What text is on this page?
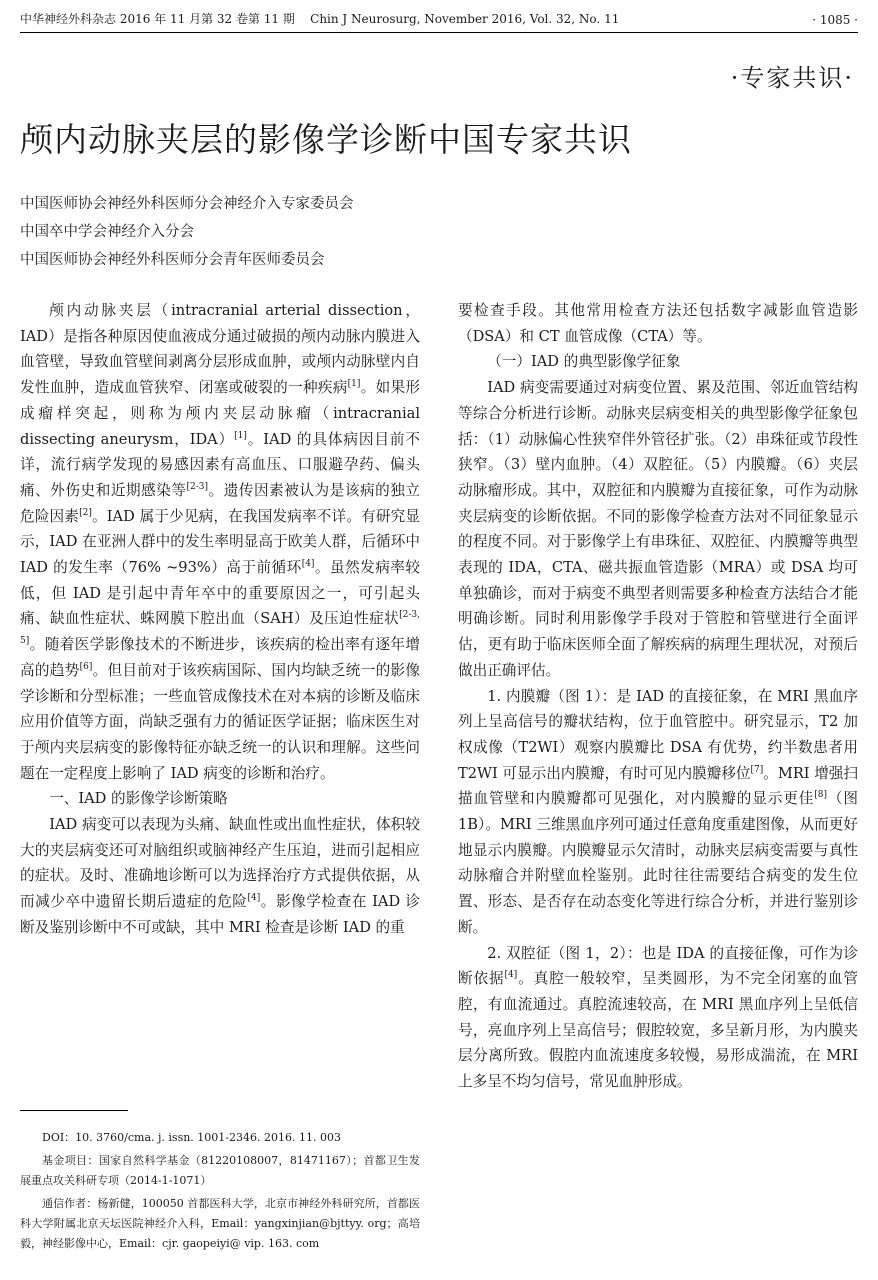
中华神经外科杂志 2016 年 11 月第 32 卷第 11 期 Chin J Neurosurg, November 2016, Vol. 32, No. 11	· 1085 ·
·专家共识·
颅内动脉夹层的影像学诊断中国专家共识
中国医师协会神经外科医师分会神经介入专家委员会
中国卒中学会神经介入分会
中国医师协会神经外科医师分会青年医师委员会

颅内动脉夹层（intracranial arterial dissection，IAD）是指各种原因使血液成分通过破损的颅内动脉内膜进入血管壁，导致血管壁间剥离分层形成血肿，或颅内动脉壁内自发性血肿，造成血管狭窄、闭塞或破裂的一种疾病[1]。如果形成瘤样突起，则称为颅内夹层动脉瘤（intracranial dissecting aneurysm，IDA）[1]。IAD 的具体病因目前不详，流行病学发现的易感因素有高血压、口服避孕药、偏头痛、外伤史和近期感染等[2-3]。遗传因素被认为是该病的独立危险因素[2]。IAD 属于少见病，在我国发病率不详。有研究显示，IAD 在亚洲人群中的发生率明显高于欧美人群，后循环中 IAD 的发生率（76% ~93%）高于前循环[4]。虽然发病率较低，但 IAD 是引起中青年卒中的重要原因之一，可引起头痛、缺血性症状、蛛网膜下腔出血（SAH）及压迫性症状[2-3, 5]。随着医学影像技术的不断进步，该疾病的检出率有逐年增高的趋势[6]。但目前对于该疾病国际、国内均缺乏统一的影像学诊断和分型标准；一些血管成像技术在对本病的诊断及临床应用价值等方面，尚缺乏强有力的循证医学证据；临床医生对于颅内夹层病变的影像特征亦缺乏统一的认识和理解。这些问题在一定程度上影响了 IAD 病变的诊断和治疗。

一、IAD 的影像学诊断策略

IAD 病变可以表现为头痛、缺血性或出血性症状，体积较大的夹层病变还可对脑组织或脑神经产生压迫，进而引起相应的症状。及时、准确地诊断可以为选择治疗方式提供依据，从而减少卒中遗留长期后遗症的危险[4]。影像学检查在 IAD 诊断及鉴别诊断中不可或缺，其中 MRI 检查是诊断 IAD 的重

DOI：10. 3760/cma. j. issn. 1001-2346. 2016. 11. 003

基金项目：国家自然科学基金（81220108007，81471167）；首都卫生发展重点攻关科研专项（2014-1-1071）

通信作者：杨新健，100050 首都医科大学，北京市神经外科研究所，首都医科大学附属北京天坛医院神经介入科，Email：yangxinjian@bjttyy. org；高培毅，神经影像中心，Email：cjr. gaopeiyi@ vip. 163. com

要检查手段。其他常用检查方法还包括数字减影血管造影（DSA）和 CT 血管成像（CTA）等。

（一）IAD 的典型影像学征象

IAD 病变需要通过对病变位置、累及范围、邻近血管结构等综合分析进行诊断。动脉夹层病变相关的典型影像学征象包括：（1）动脉偏心性狭窄伴外管径扩张。（2）串珠征或节段性狭窄。（3）壁内血肿。（4）双腔征。（5）内膜瓣。（6）夹层动脉瘤形成。其中，双腔征和内膜瓣为直接征象，可作为动脉夹层病变的诊断依据。不同的影像学检查方法对不同征象显示的程度不同。对于影像学上有串珠征、双腔征、内膜瓣等典型表现的 IDA，CTA、磁共振血管造影（MRA）或 DSA 均可单独确诊，而对于病变不典型者则需要多种检查方法结合才能明确诊断。同时利用影像学手段对于管腔和管壁进行全面评估，更有助于临床医师全面了解疾病的病理生理状况，对预后做出正确评估。

1. 内膜瓣（图 1）：是 IAD 的直接征象，在 MRI 黑血序列上呈高信号的瓣状结构，位于血管腔中。研究显示，T2 加权成像（T2WI）观察内膜瓣比 DSA 有优势，约半数患者用 T2WI 可显示出内膜瓣，有时可见内膜瓣移位[7]。MRI 增强扫描血管壁和内膜瓣都可见强化，对内膜瓣的显示更佳[8]（图 1B）。MRI 三维黑血序列可通过任意角度重建图像，从而更好地显示内膜瓣。内膜瓣显示欠清时，动脉夹层病变需要与真性动脉瘤合并附壁血栓鉴别。此时往往需要结合病变的发生位置、形态、是否存在动态变化等进行综合分析，并进行鉴别诊断。

2. 双腔征（图 1，2）：也是 IDA 的直接征像，可作为诊断依据[4]。真腔一般较窄，呈类圆形，为不完全闭塞的血管腔，有血流通过。真腔流速较高，在 MRI 黑血序列上呈低信号，亮血序列上呈高信号；假腔较宽，多呈新月形，为内膜夹层分离所致。假腔内血流速度多较慢，易形成湍流，在 MRI 上多呈不均匀信号，常见血肿形成。
